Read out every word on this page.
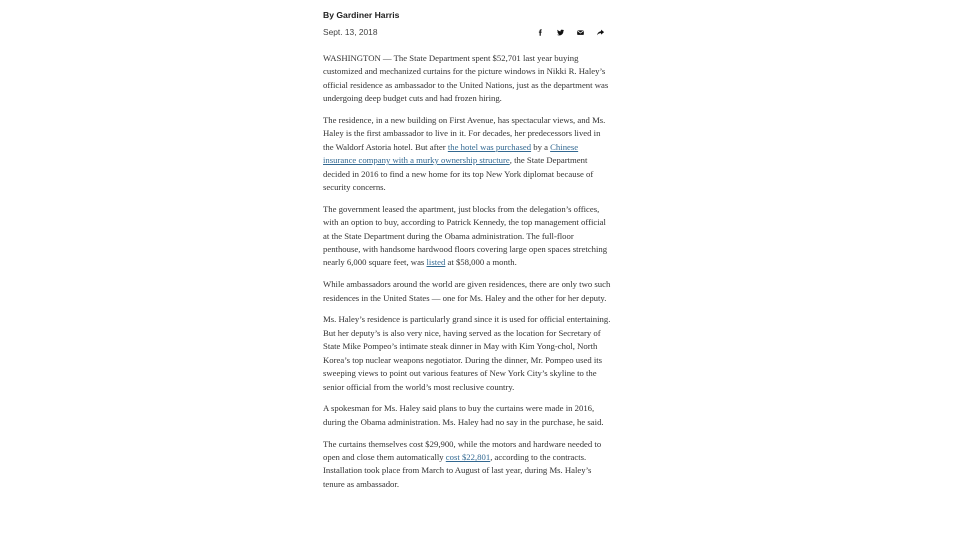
By Gardiner Harris
Sept. 13, 2018

WASHINGTON — The State Department spent $52,701 last year buying customized and mechanized curtains for the picture windows in Nikki R. Haley’s official residence as ambassador to the United Nations, just as the department was undergoing deep budget cuts and had frozen hiring.

The residence, in a new building on First Avenue, has spectacular views, and Ms. Haley is the first ambassador to live in it. For decades, her predecessors lived in the Waldorf Astoria hotel. But after the hotel was purchased by a Chinese insurance company with a murky ownership structure, the State Department decided in 2016 to find a new home for its top New York diplomat because of security concerns.

The government leased the apartment, just blocks from the delegation’s offices, with an option to buy, according to Patrick Kennedy, the top management official at the State Department during the Obama administration. The full-floor penthouse, with handsome hardwood floors covering large open spaces stretching nearly 6,000 square feet, was listed at $58,000 a month.

While ambassadors around the world are given residences, there are only two such residences in the United States — one for Ms. Haley and the other for her deputy.

Ms. Haley’s residence is particularly grand since it is used for official entertaining. But her deputy’s is also very nice, having served as the location for Secretary of State Mike Pompeo’s intimate steak dinner in May with Kim Yong-chol, North Korea’s top nuclear weapons negotiator. During the dinner, Mr. Pompeo used its sweeping views to point out various features of New York City’s skyline to the senior official from the world’s most reclusive country.

A spokesman for Ms. Haley said plans to buy the curtains were made in 2016, during the Obama administration. Ms. Haley had no say in the purchase, he said.

The curtains themselves cost $29,900, while the motors and hardware needed to open and close them automatically cost $22,801, according to the contracts. Installation took place from March to August of last year, during Ms. Haley’s tenure as ambassador.
